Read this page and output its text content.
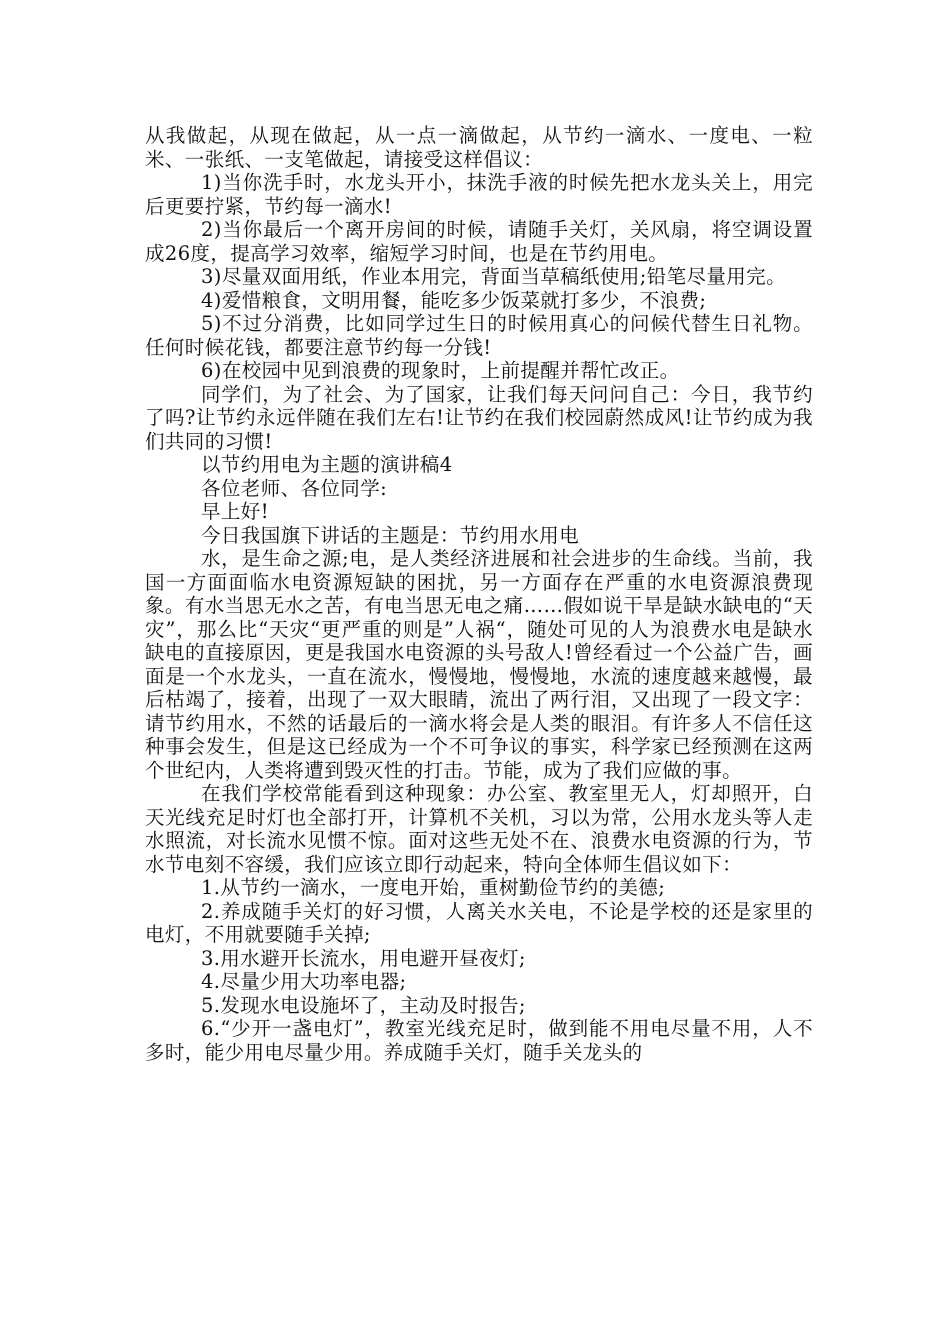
从我做起，从现在做起，从一点一滴做起，从节约一滴水、一度电、一粒米、一张纸、一支笔做起，请接受这样倡议：

1)当你洗手时，水龙头开小，抹洗手液的时候先把水龙头关上，用完后更要拧紧，节约每一滴水!

2)当你最后一个离开房间的时候，请随手关灯，关风扇，将空调设置成26度，提高学习效率，缩短学习时间，也是在节约用电。

3)尽量双面用纸，作业本用完，背面当草稿纸使用;铅笔尽量用完。

4)爱惜粮食，文明用餐，能吃多少饭菜就打多少，不浪费;

5)不过分消费，比如同学过生日的时候用真心的问候代替生日礼物。任何时候花钱，都要注意节约每一分钱!

6)在校园中见到浪费的现象时，上前提醒并帮忙改正。

同学们，为了社会、为了国家，让我们每天问问自己：今日，我节约了吗?让节约永远伴随在我们左右!让节约在我们校园蔚然成风!让节约成为我们共同的习惯!

以节约用电为主题的演讲稿4

各位老师、各位同学:

早上好!

今日我国旗下讲话的主题是：节约用水用电

水，是生命之源;电，是人类经济进展和社会进步的生命线。当前，我国一方面面临水电资源短缺的困扰，另一方面存在严重的水电资源浪费现象。有水当思无水之苦，有电当思无电之痛……假如说干旱是缺水缺电的“天灾”，那么比“天灾“更严重的则是”人祸“，随处可见的人为浪费水电是缺水缺电的直接原因，更是我国水电资源的头号敌人!曾经看过一个公益广告，画面是一个水龙头，一直在流水，慢慢地，慢慢地，水流的速度越来越慢，最后枯竭了，接着，出现了一双大眼睛，流出了两行泪，又出现了一段文字：请节约用水，不然的话最后的一滴水将会是人类的眼泪。有许多人不信任这种事会发生，但是这已经成为一个不可争议的事实，科学家已经预测在这两个世纪内，人类将遭到毁灭性的打击。节能，成为了我们应做的事。

在我们学校常能看到这种现象：办公室、教室里无人，灯却照开，白天光线充足时灯也全部打开，计算机不关机，习以为常，公用水龙头等人走水照流，对长流水见惯不惊。面对这些无处不在、浪费水电资源的行为，节水节电刻不容缓，我们应该立即行动起来，特向全体师生倡议如下：

1.从节约一滴水，一度电开始，重树勤俭节约的美德;

2.养成随手关灯的好习惯，人离关水关电，不论是学校的还是家里的电灯，不用就要随手关掉;

3.用水避开长流水，用电避开昼夜灯;

4.尽量少用大功率电器;

5.发现水电设施坏了，主动及时报告;

6.“少开一盏电灯”，教室光线充足时，做到能不用电尽量不用，人不多时，能少用电尽量少用。养成随手关灯，随手关龙头的
